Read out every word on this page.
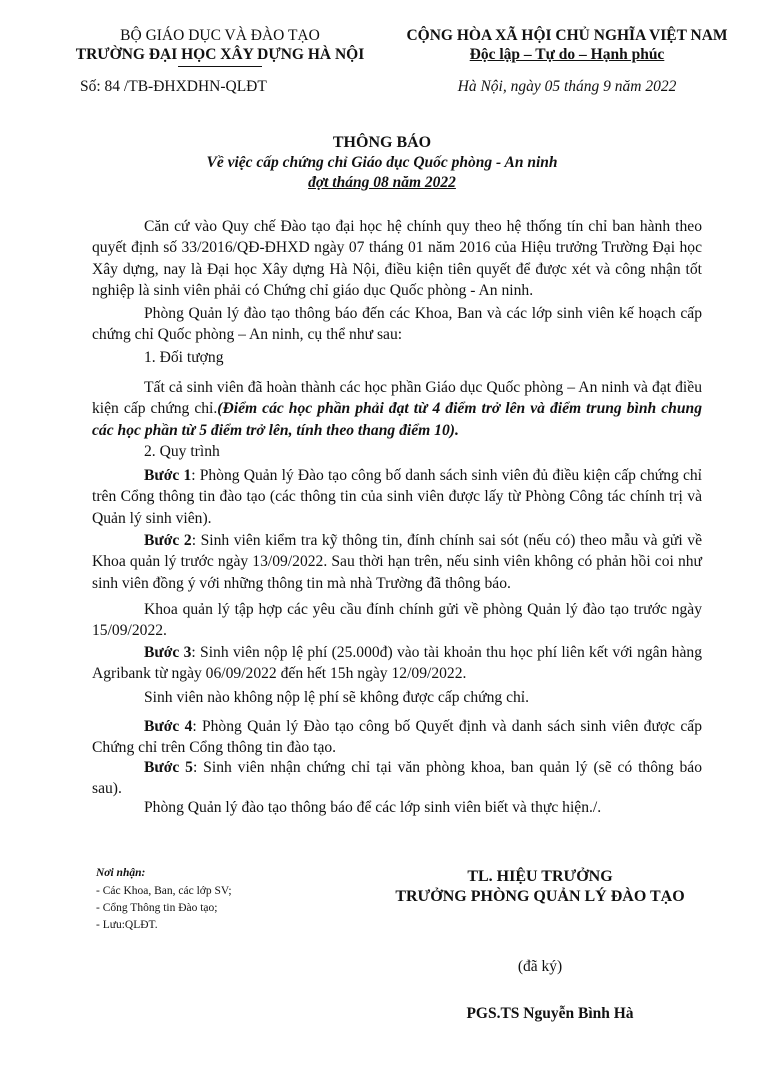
BỘ GIÁO DỤC VÀ ĐÀO TẠO
TRƯỜNG ĐẠI HỌC XÂY DỰNG HÀ NỘI
Số: 84 /TB-ĐHXDHN-QLĐT
CỘNG HÒA XÃ HỘI CHỦ NGHĨA VIỆT NAM
Độc lập – Tự do – Hạnh phúc
Hà Nội, ngày 05 tháng 9 năm 2022
THÔNG BÁO
Về việc cấp chứng chỉ Giáo dục Quốc phòng - An ninh
đợt tháng 08 năm 2022
Căn cứ vào Quy chế Đào tạo đại học hệ chính quy theo hệ thống tín chỉ ban hành theo quyết định số 33/2016/QĐ-ĐHXD ngày 07 tháng 01 năm 2016 của Hiệu trưởng Trường Đại học Xây dựng, nay là Đại học Xây dựng Hà Nội, điều kiện tiên quyết để được xét và công nhận tốt nghiệp là sinh viên phải có Chứng chỉ giáo dục Quốc phòng - An ninh.
Phòng Quản lý đào tạo thông báo đến các Khoa, Ban và các lớp sinh viên kế hoạch cấp chứng chỉ Quốc phòng – An ninh, cụ thể như sau:
1. Đối tượng
Tất cả sinh viên đã hoàn thành các học phần Giáo dục Quốc phòng – An ninh và đạt điều kiện cấp chứng chỉ.(Điểm các học phần phải đạt từ 4 điểm trở lên và điểm trung bình chung các học phần từ 5 điểm trở lên, tính theo thang điểm 10).
2. Quy trình
Bước 1: Phòng Quản lý Đào tạo công bố danh sách sinh viên đủ điều kiện cấp chứng chỉ trên Cổng thông tin đào tạo (các thông tin của sinh viên được lấy từ Phòng Công tác chính trị và Quản lý sinh viên).
Bước 2: Sinh viên kiểm tra kỹ thông tin, đính chính sai sót (nếu có) theo mẫu và gửi về Khoa quản lý trước ngày 13/09/2022. Sau thời hạn trên, nếu sinh viên không có phản hồi coi như sinh viên đồng ý với những thông tin mà nhà Trường đã thông báo.
Khoa quản lý tập hợp các yêu cầu đính chính gửi về phòng Quản lý đào tạo trước ngày 15/09/2022.
Bước 3: Sinh viên nộp lệ phí (25.000đ) vào tài khoản thu học phí liên kết với ngân hàng Agribank từ ngày 06/09/2022 đến hết 15h ngày 12/09/2022.
Sinh viên nào không nộp lệ phí sẽ không được cấp chứng chỉ.
Bước 4: Phòng Quản lý Đào tạo công bố Quyết định và danh sách sinh viên được cấp Chứng chỉ trên Cổng thông tin đào tạo.
Bước 5: Sinh viên nhận chứng chỉ tại văn phòng khoa, ban quản lý (sẽ có thông báo sau).
Phòng Quản lý đào tạo thông báo để các lớp sinh viên biết và thực hiện./.
Nơi nhận:
- Các Khoa, Ban, các lớp SV;
- Cổng Thông tin Đào tạo;
- Lưu:QLĐT.
TL. HIỆU TRƯỞNG
TRƯỞNG PHÒNG QUẢN LÝ ĐÀO TẠO
(đã ký)
PGS.TS Nguyễn Bình Hà
